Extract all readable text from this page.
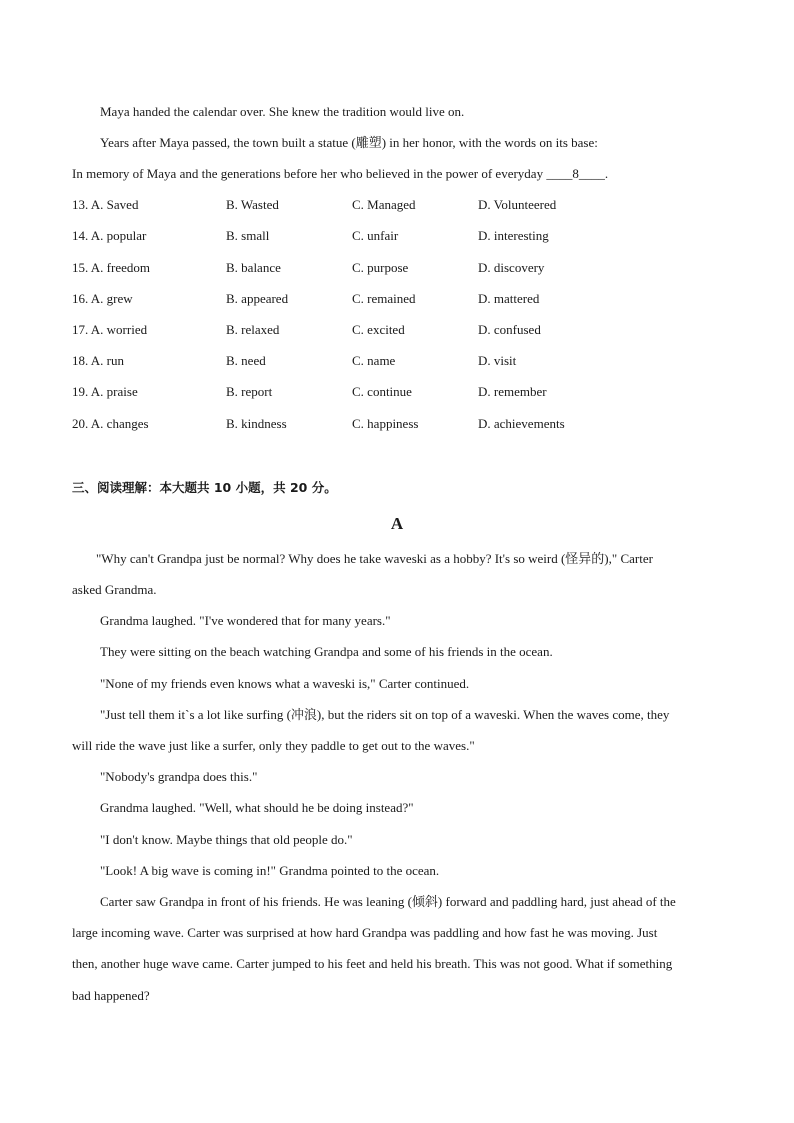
Maya handed the calendar over. She knew the tradition would live on.
Years after Maya passed, the town built a statue (雕塑) in her honor, with the words on its base:
In memory of Maya and the generations before her who believed in the power of everyday ____8____.
13. A. Saved	B. Wasted	C. Managed	D. Volunteered
14. A. popular	B. small	C. unfair	D. interesting
15. A. freedom	B. balance	C. purpose	D. discovery
16. A. grew	B. appeared	C. remained	D. mattered
17. A. worried	B. relaxed	C. excited	D. confused
18. A. run	B. need	C. name	D. visit
19. A. praise	B. report	C. continue	D. remember
20. A. changes	B. kindness	C. happiness	D. achievements
三、阅读理解：本大题共 10 小题，共 20 分。
A
"Why can't Grandpa just be normal? Why does he take waveski as a hobby? It's so weird (怪异的)," Carter
asked Grandma.
Grandma laughed. "I've wondered that for many years."
They were sitting on the beach watching Grandpa and some of his friends in the ocean.
"None of my friends even knows what a waveski is," Carter continued.
"Just tell them it`s a lot like surfing (冲浪), but the riders sit on top of a waveski. When the waves come, they
will ride the wave just like a surfer, only they paddle to get out to the waves."
"Nobody's grandpa does this."
Grandma laughed. "Well, what should he be doing instead?"
"I don't know. Maybe things that old people do."
"Look! A big wave is coming in!" Grandma pointed to the ocean.
Carter saw Grandpa in front of his friends. He was leaning (倾斜) forward and paddling hard, just ahead of the
large incoming wave. Carter was surprised at how hard Grandpa was paddling and how fast he was moving. Just
then, another huge wave came. Carter jumped to his feet and held his breath. This was not good. What if something
bad happened?
